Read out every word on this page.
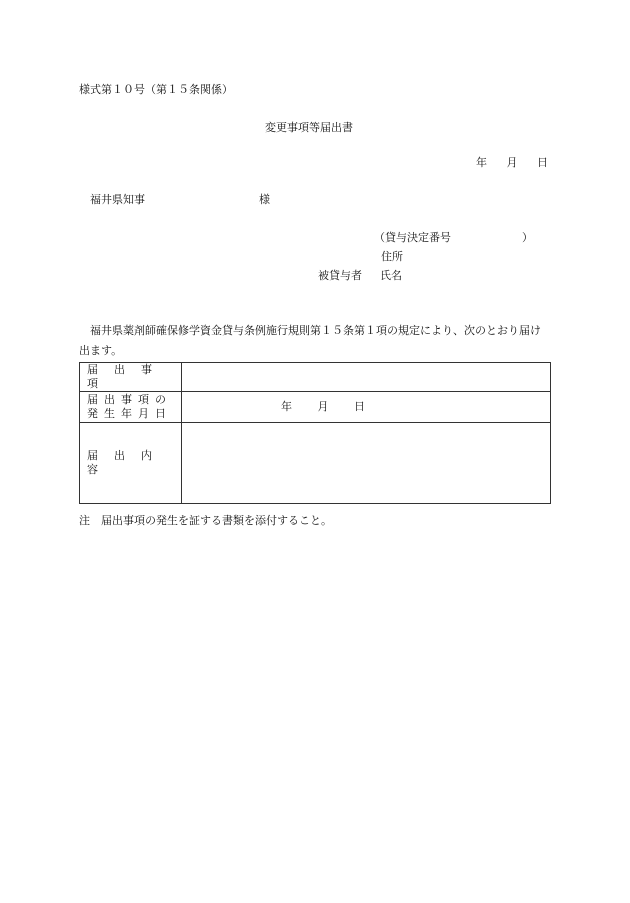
様式第１０号（第１５条関係）
変更事項等届出書
年 月 日
福井県知事	様
（貸与決定番号	）
住所
被貸与者 氏名
福井県薬剤師確保修学資金貸与条例施行規則第１５条第１項の規定により、次のとおり届け出ます。
届出事項	

届出事項の
発生年月日	年 月 日
届出内容	
注　届出事項の発生を証する書類を添付すること。
